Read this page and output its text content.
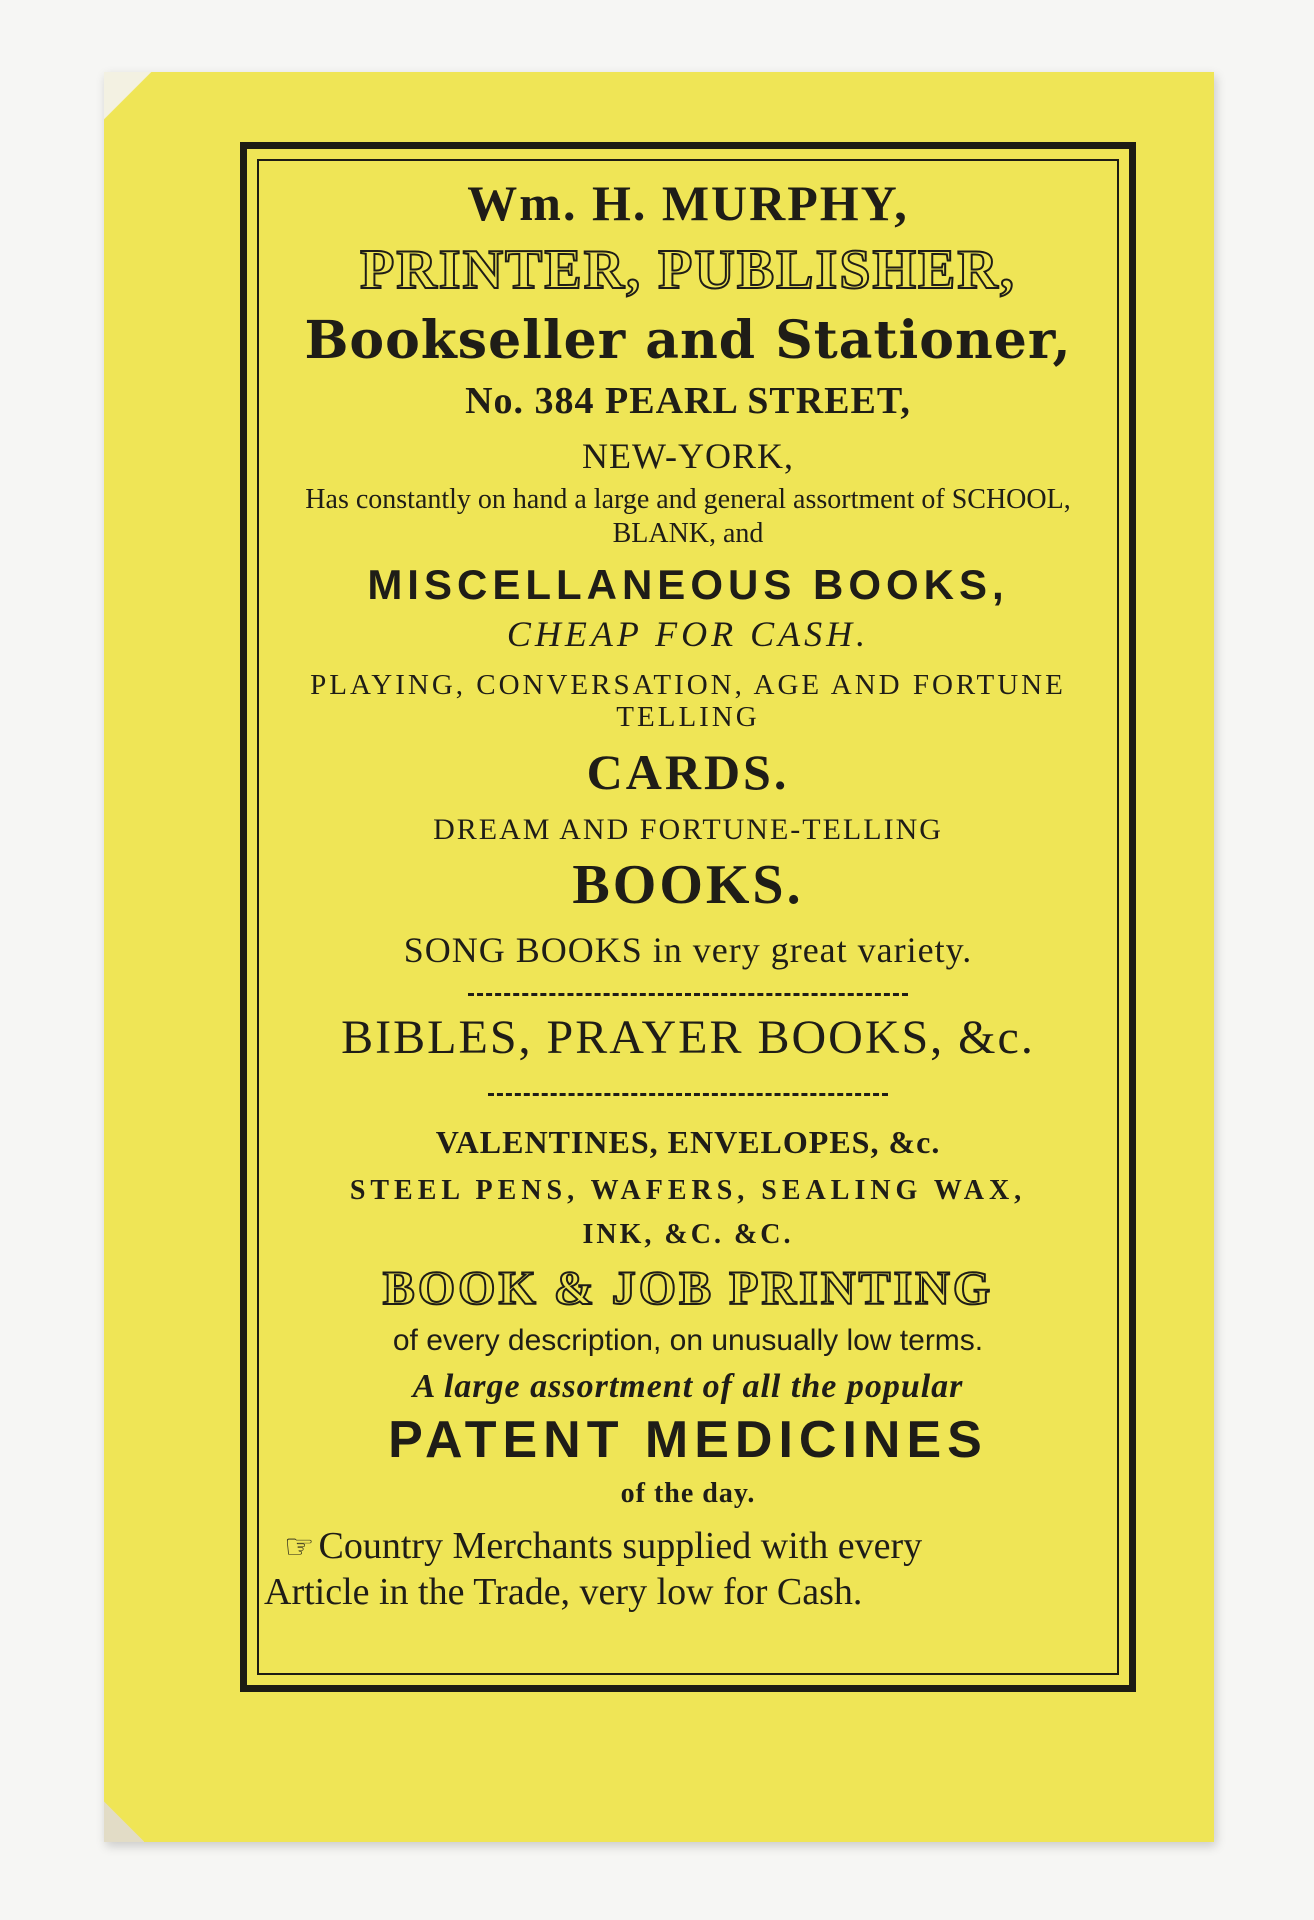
Wm. H. MURPHY,
PRINTER, PUBLISHER,
Bookseller and Stationer,
No. 384 PEARL STREET,
NEW-YORK,
Has constantly on hand a large and general assortment of SCHOOL, BLANK, and
MISCELLANEOUS BOOKS,
CHEAP FOR CASH.
PLAYING, CONVERSATION, AGE AND FORTUNE TELLING
CARDS.
DREAM AND FORTUNE-TELLING
BOOKS.
SONG BOOKS in very great variety.
BIBLES, PRAYER BOOKS, &c.
VALENTINES, ENVELOPES, &c.
STEEL PENS, WAFERS, SEALING WAX,
INK, &C. &C.
BOOK & JOB PRINTING
of every description, on unusually low terms.
A large assortment of all the popular
PATENT MEDICINES
of the day.
☞ Country Merchants supplied with every
Article in the Trade, very low for Cash.
